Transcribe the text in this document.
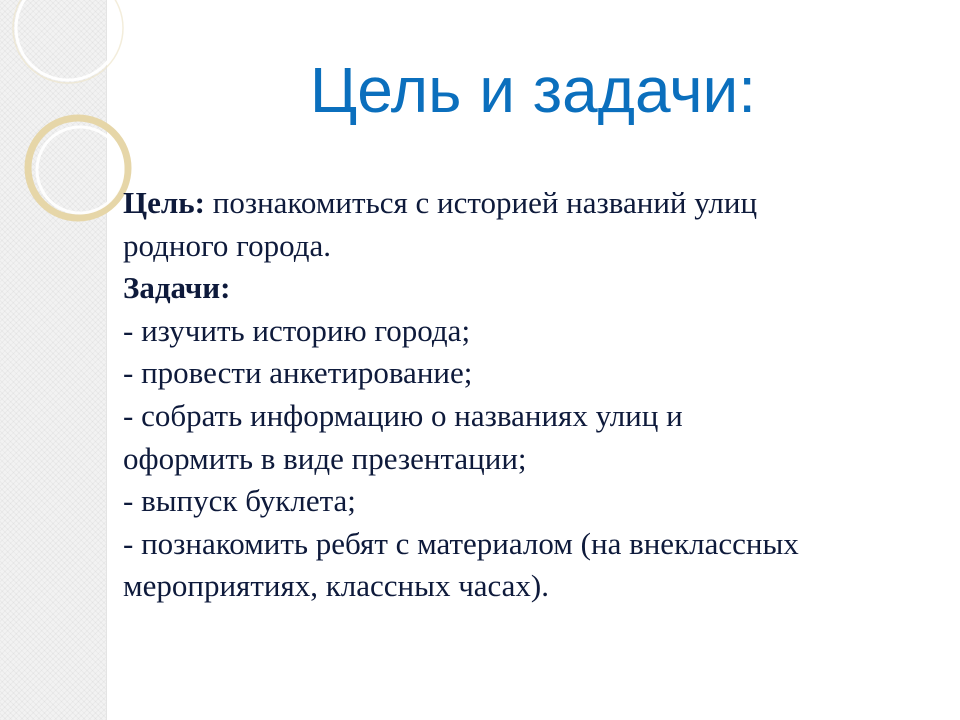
Цель и задачи:
Цель: познакомиться с историей названий улиц
родного города.
Задачи:
- изучить историю города;
- провести анкетирование;
- собрать информацию о названиях улиц и
оформить в виде презентации;
- выпуск буклета;
- познакомить ребят с материалом (на внеклассных
мероприятиях, классных часах).
